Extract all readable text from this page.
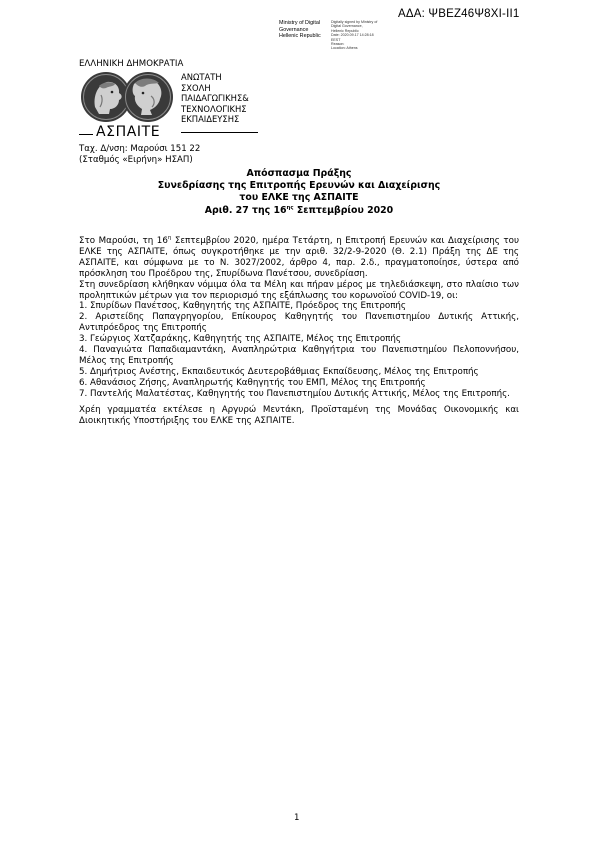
ΑΔΑ: ΨΒΕΖ46Ψ8ΧΙ-ΙΙ1
Ministry of Digital
Governance
Hellenic Republic
Digitally signed by Ministry of
Digital Governance,
Hellenic Republic
Date: 2020.09.17 14:28:18
EEST
Reason:
Location: Athens
ΕΛΛΗΝΙΚΗ ΔΗΜΟΚΡΑΤΙΑ
ΑΣΠΑΙΤΕ
ΑΝΩΤΑΤΗ
ΣΧΟΛΗ
ΠΑΙΔΑΓΩΓΙΚΗΣ&
ΤΕΧΝΟΛΟΓΙΚΗΣ
ΕΚΠΑΙΔΕΥΣΗΣ
Ταχ. Δ/νση: Μαρούσι 151 22
(Σταθμός «Ειρήνη» ΗΣΑΠ)
Απόσπασμα Πράξης
Συνεδρίασης της Επιτροπής Ερευνών και Διαχείρισης
του ΕΛΚΕ της ΑΣΠΑΙΤΕ
Αριθ. 27 της $16^{\eta\varsigma}$ Σεπτεμβρίου 2020

Στο Μαρούσι, τη $16^\eta$ Σεπτεμβρίου 2020, ημέρα Τετάρτη, η Επιτροπή Ερευνών και Διαχείρισης του ΕΛΚΕ της ΑΣΠΑΙΤΕ, όπως συγκροτήθηκε με την αριθ. 32/2-9-2020 (Θ. 2.1) Πράξη της ΔΕ της ΑΣΠΑΙΤΕ, και σύμφωνα με το Ν. 3027/2002, άρθρο 4, παρ. 2.δ., πραγματοποίησε, ύστερα από πρόσκληση του Προέδρου της, Σπυρίδωνα Πανέτσου, συνεδρίαση.

Στη συνεδρίαση κλήθηκαν νόμιμα όλα τα Μέλη και πήραν μέρος με τηλεδιάσκεψη, στο πλαίσιο των προληπτικών μέτρων για τον περιορισμό της εξάπλωσης του κορωνοϊού COVID-19, οι:

1. Σπυρίδων Πανέτσος, Καθηγητής της ΑΣΠΑΙΤΕ, Πρόεδρος της Επιτροπής
2. Αριστείδης Παπαγρηγορίου, Επίκουρος Καθηγητής του Πανεπιστημίου Δυτικής Αττικής, Αντιπρόεδρος της Επιτροπής
3. Γεώργιος Χατζαράκης, Καθηγητής της ΑΣΠΑΙΤΕ, Μέλος της Επιτροπής
4. Παναγιώτα Παπαδιαμαντάκη, Αναπληρώτρια Καθηγήτρια του Πανεπιστημίου Πελοποννήσου, Μέλος της Επιτροπής
5. Δημήτριος Ανέστης, Εκπαιδευτικός Δευτεροβάθμιας Εκπαίδευσης, Μέλος της Επιτροπής
6. Αθανάσιος Ζήσης, Αναπληρωτής Καθηγητής του ΕΜΠ, Μέλος της Επιτροπής
7. Παντελής Μαλατέστας, Καθηγητής του Πανεπιστημίου Δυτικής Αττικής, Μέλος της Επιτροπής.

Χρέη γραμματέα εκτέλεσε η Αργυρώ Μεντάκη, Προϊσταμένη της Μονάδας Οικονομικής και Διοικητικής Υποστήριξης του ΕΛΚΕ της ΑΣΠΑΙΤΕ.

1
